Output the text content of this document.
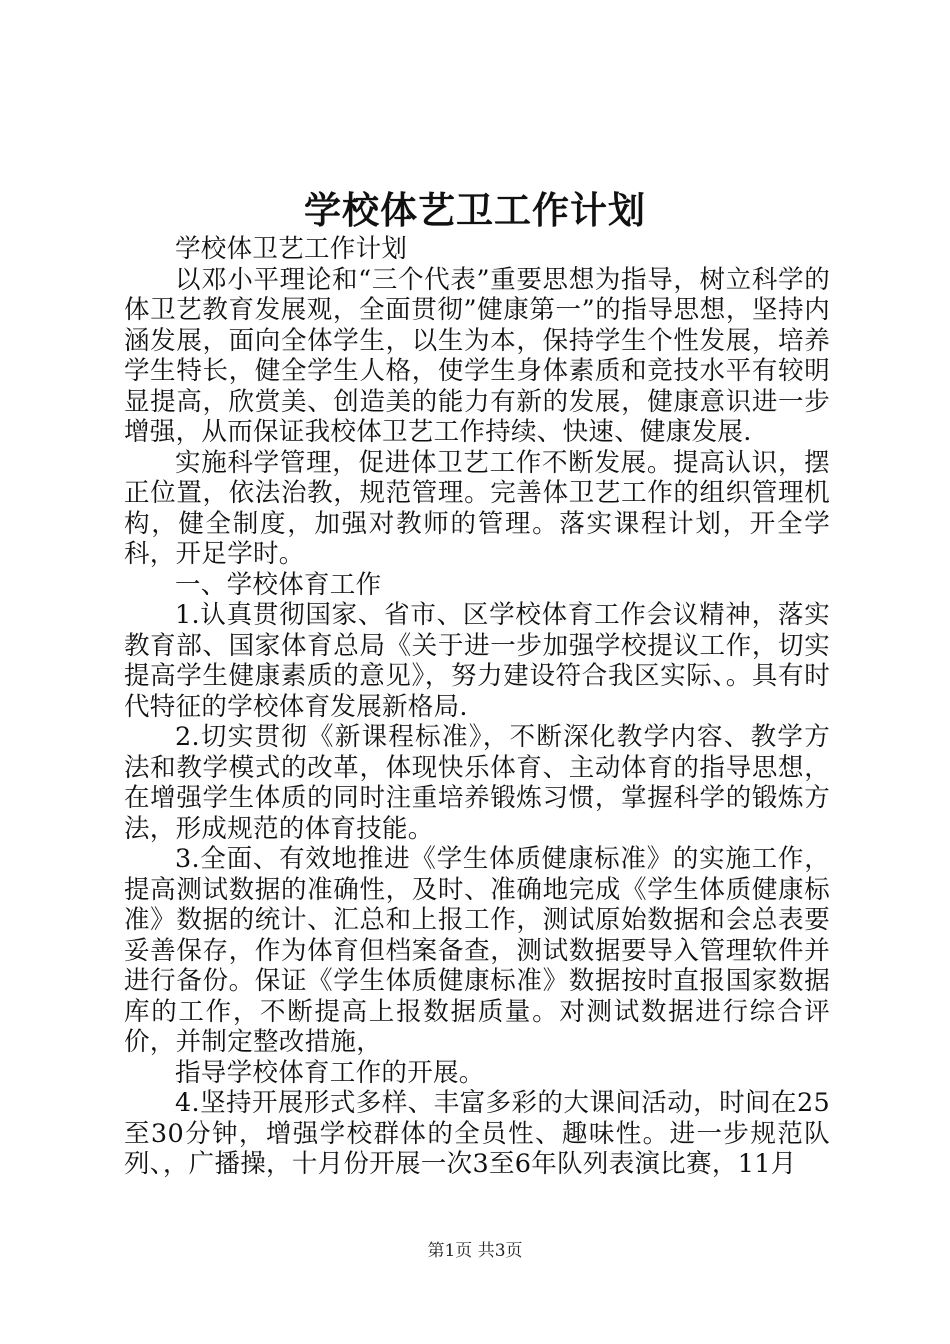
学校体艺卫工作计划

学校体卫艺工作计划

以邓小平理论和“三个代表”重要思想为指导，树立科学的体卫艺教育发展观，全面贯彻”健康第一”的指导思想，坚持内涵发展，面向全体学生，以生为本，保持学生个性发展，培养学生特长，健全学生人格，使学生身体素质和竞技水平有较明显提高，欣赏美、创造美的能力有新的发展，健康意识进一步增强，从而保证我校体卫艺工作持续、快速、健康发展.

实施科学管理，促进体卫艺工作不断发展。提高认识，摆正位置，依法治教，规范管理。完善体卫艺工作的组织管理机构，健全制度，加强对教师的管理。落实课程计划，开全学科，开足学时。

一、学校体育工作

1.认真贯彻国家、省市、区学校体育工作会议精神，落实教育部、国家体育总局《关于进一步加强学校提议工作，切实提高学生健康素质的意见》，努力建设符合我区实际、。具有时代特征的学校体育发展新格局.

2.切实贯彻《新课程标准》，不断深化教学内容、教学方法和教学模式的改革，体现快乐体育、主动体育的指导思想，在增强学生体质的同时注重培养锻炼习惯，掌握科学的锻炼方法，形成规范的体育技能。

3.全面、有效地推进《学生体质健康标准》的实施工作，提高测试数据的准确性，及时、准确地完成《学生体质健康标准》数据的统计、汇总和上报工作，测试原始数据和会总表要妥善保存，作为体育但档案备查，测试数据要导入管理软件并进行备份。保证《学生体质健康标准》数据按时直报国家数据库的工作，不断提高上报数据质量。对测试数据进行综合评价，并制定整改措施，

指导学校体育工作的开展。

4.坚持开展形式多样、丰富多彩的大课间活动，时间在25至30分钟，增强学校群体的全员性、趣味性。进一步规范队列、，广播操，十月份开展一次3至6年队列表演比赛，11月

第1页 共3页
